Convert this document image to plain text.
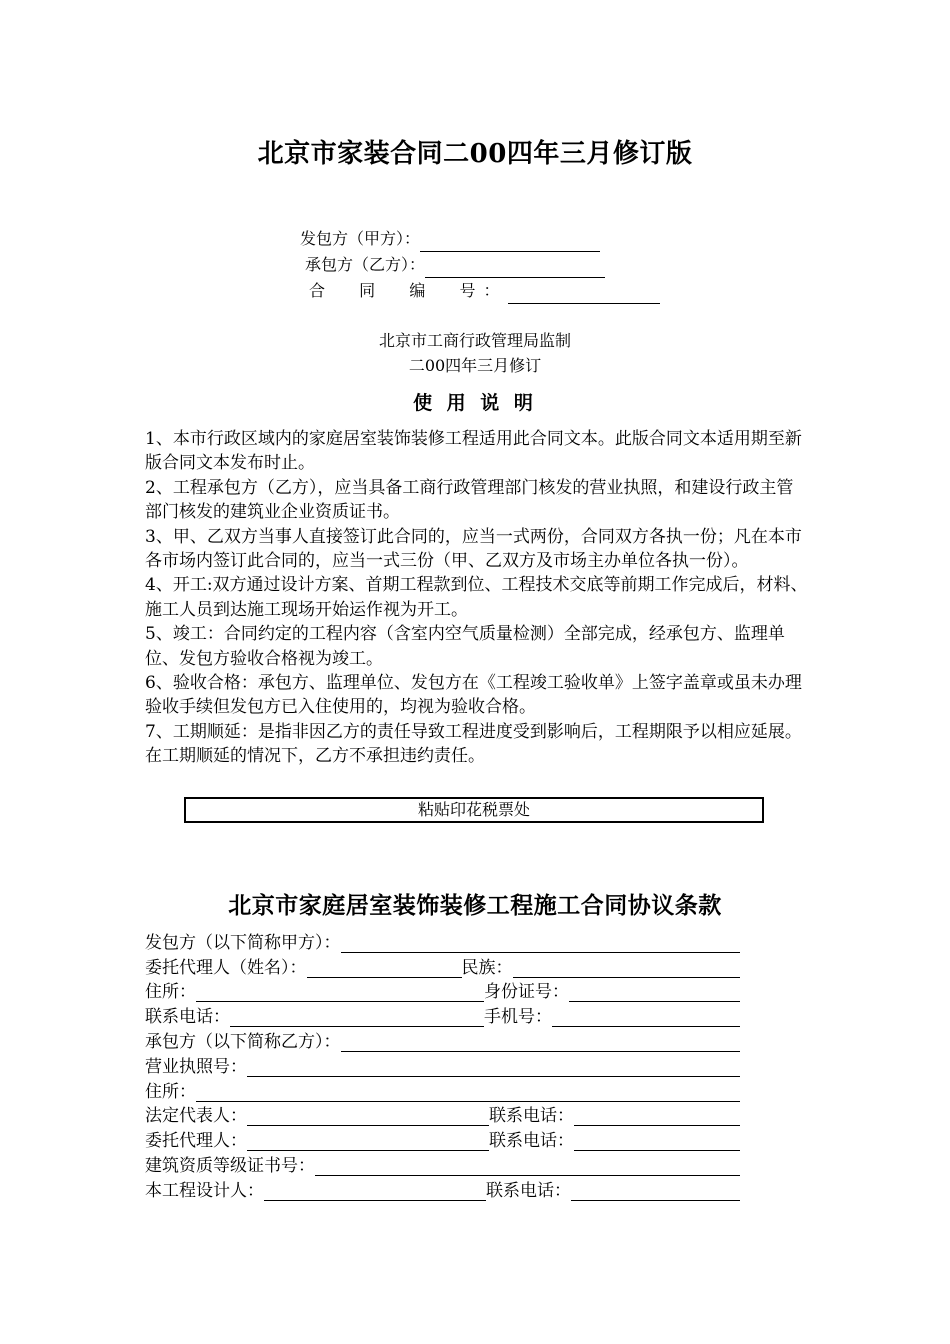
北京市家装合同二00四年三月修订版
发包方（甲方）：
承包方（乙方）：
合  同  编  号：
北京市工商行政管理局监制
二00四年三月修订
使 用 说 明

1、本市行政区域内的家庭居室装饰装修工程适用此合同文本。此版合同文本适用期至新版合同文本发布时止。

2、工程承包方（乙方），应当具备工商行政管理部门核发的营业执照，和建设行政主管部门核发的建筑业企业资质证书。

3、甲、乙双方当事人直接签订此合同的，应当一式两份，合同双方各执一份；凡在本市各市场内签订此合同的，应当一式三份（甲、乙双方及市场主办单位各执一份）。

4、开工:双方通过设计方案、首期工程款到位、工程技术交底等前期工作完成后，材料、施工人员到达施工现场开始运作视为开工。

5、竣工：合同约定的工程内容（含室内空气质量检测）全部完成，经承包方、监理单位、发包方验收合格视为竣工。

6、验收合格：承包方、监理单位、发包方在《工程竣工验收单》上签字盖章或虽未办理验收手续但发包方已入住使用的，均视为验收合格。

7、工期顺延：是指非因乙方的责任导致工程进度受到影响后，工程期限予以相应延展。在工期顺延的情况下，乙方不承担违约责任。

粘贴印花税票处
北京市家庭居室装饰装修工程施工合同协议条款
发包方（以下简称甲方）：
委托代理人（姓名）：	民族：
住所：	身份证号：
联系电话：	手机号：
承包方（以下简称乙方）：
营业执照号：
住所：
法定代表人：	联系电话：
委托代理人：	联系电话：
建筑资质等级证书号：
本工程设计人：	联系电话：
